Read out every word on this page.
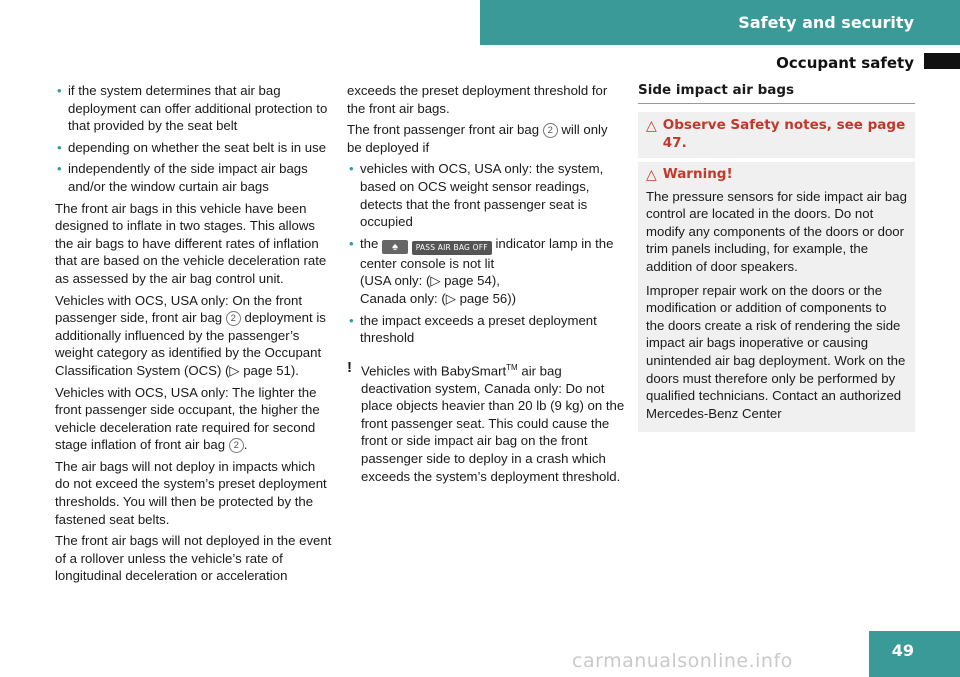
Safety and security
Occupant safety
• if the system determines that air bag deployment can offer additional protection to that provided by the seat belt
• depending on whether the seat belt is in use
• independently of the side impact air bags and/or the window curtain air bags

The front air bags in this vehicle have been designed to inflate in two stages. This allows the air bags to have different rates of inflation that are based on the vehicle deceleration rate as assessed by the air bag control unit.

Vehicles with OCS, USA only: On the front passenger side, front air bag 2 deployment is additionally influenced by the passenger’s weight category as identified by the Occupant Classification System (OCS) (▷ page 51).

Vehicles with OCS, USA only: The lighter the front passenger side occupant, the higher the vehicle deceleration rate required for second stage inflation of front air bag 2 .

The air bags will not deploy in impacts which do not exceed the system’s preset deployment thresholds. You will then be protected by the fastened seat belts.

The front air bags will not deployed in the event of a rollover unless the vehicle’s rate of longitudinal deceleration or acceleration

exceeds the preset deployment threshold for the front air bags.

The front passenger front air bag 2 will only be deployed if

• vehicles with OCS, USA only: the system, based on OCS weight sensor readings, detects that the front passenger seat is occupied
• the ♠ PASS AIR BAG OFF indicator lamp in the center console is not lit
(USA only: (▷ page 54),
Canada only: (▷ page 56))
• the impact exceeds a preset deployment threshold
! Vehicles with BabySmart™ air bag deactivation system, Canada only: Do not place objects heavier than 20 lb (9 kg) on the front passenger seat. This could cause the front or side impact air bag on the front passenger side to deploy in a crash which exceeds the system’s deployment threshold.
Side impact air bags
△ Observe Safety notes, see page 47.
△ Warning!

The pressure sensors for side impact air bag control are located in the doors. Do not modify any components of the doors or door trim panels including, for example, the addition of door speakers.

Improper repair work on the doors or the modification or addition of components to the doors create a risk of rendering the side impact air bags inoperative or causing unintended air bag deployment. Work on the doors must therefore only be performed by qualified technicians. Contact an authorized Mercedes-Benz Center

49
carmanualsonline.info
